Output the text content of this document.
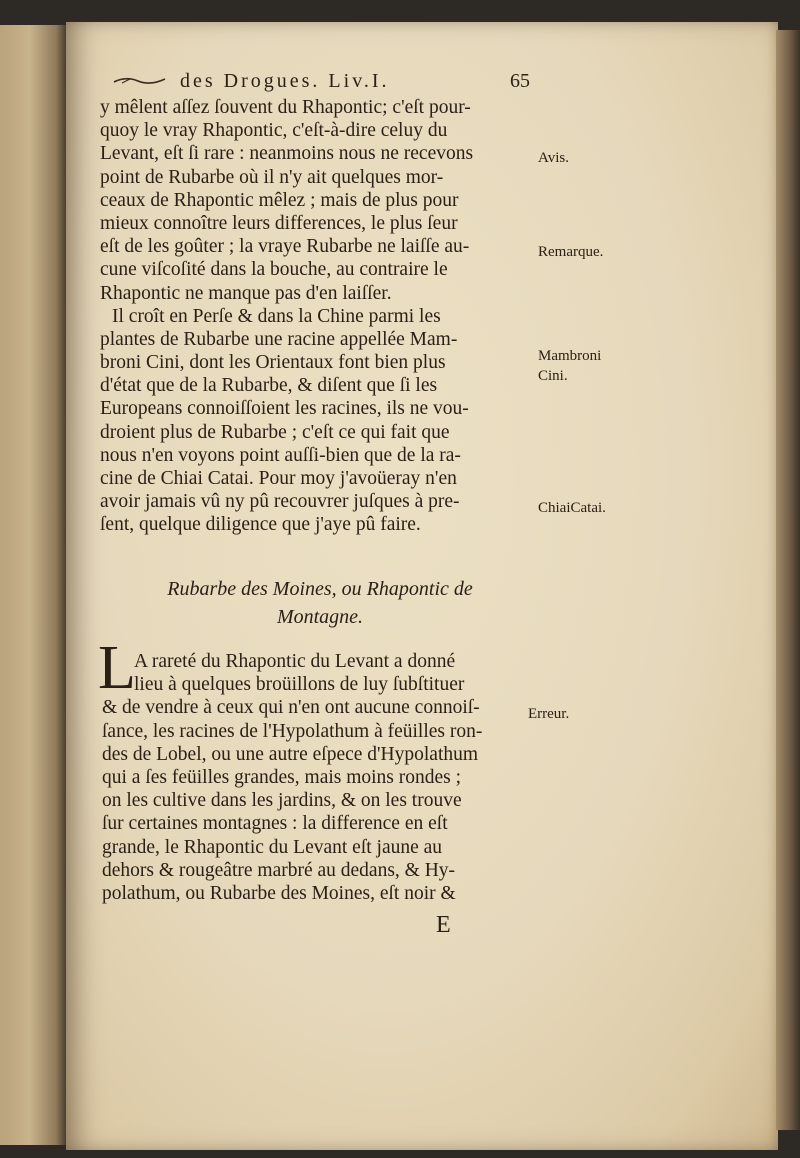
des Drogues. Liv.I.	65
y mêlent aſſez ſouvent du Rhapontic; c'eſt pour-
quoy le vray Rhapontic, c'eſt-à-dire celuy du
Levant, eſt ſi rare : neanmoins nous ne recevons
point de Rubarbe où il n'y ait quelques mor-
ceaux de Rhapontic mêlez ; mais de plus pour
mieux connoître leurs differences, le plus ſeur
eſt de les goûter ; la vraye Rubarbe ne laiſſe au-
cune viſcoſité dans la bouche, au contraire le
Rhapontic ne manque pas d'en laiſſer.
Il croît en Perſe & dans la Chine parmi les
plantes de Rubarbe une racine appellée Mam-
broni Cini, dont les Orientaux font bien plus
d'état que de la Rubarbe, & diſent que ſi les
Europeans connoiſſoient les racines, ils ne vou-
droient plus de Rubarbe ; c'eſt ce qui fait que
nous n'en voyons point auſſi-bien que de la ra-
cine de Chiai Catai. Pour moy j'avoüeray n'en
avoir jamais vû ny pû recouvrer juſques à pre-
ſent, quelque diligence que j'aye pû faire.
Rubarbe des Moines, ou Rhapontic de
Montagne.
L
A rareté du Rhapontic du Levant a donné
lieu à quelques broüillons de luy ſubſtituer
& de vendre à ceux qui n'en ont aucune connoiſ-
ſance, les racines de l'Hypolathum à feüilles ron-
des de Lobel, ou une autre eſpece d'Hypolathum
qui a ſes feüilles grandes, mais moins rondes ;
on les cultive dans les jardins, & on les trouve
ſur certaines montagnes : la difference en eſt
grande, le Rhapontic du Levant eſt jaune au
dehors & rougeâtre marbré au dedans, & Hy-
polathum, ou Rubarbe des Moines, eſt noir &
E
Avis.
Remarque.
Mambroni
Cini.
ChiaiCatai.
Erreur.
